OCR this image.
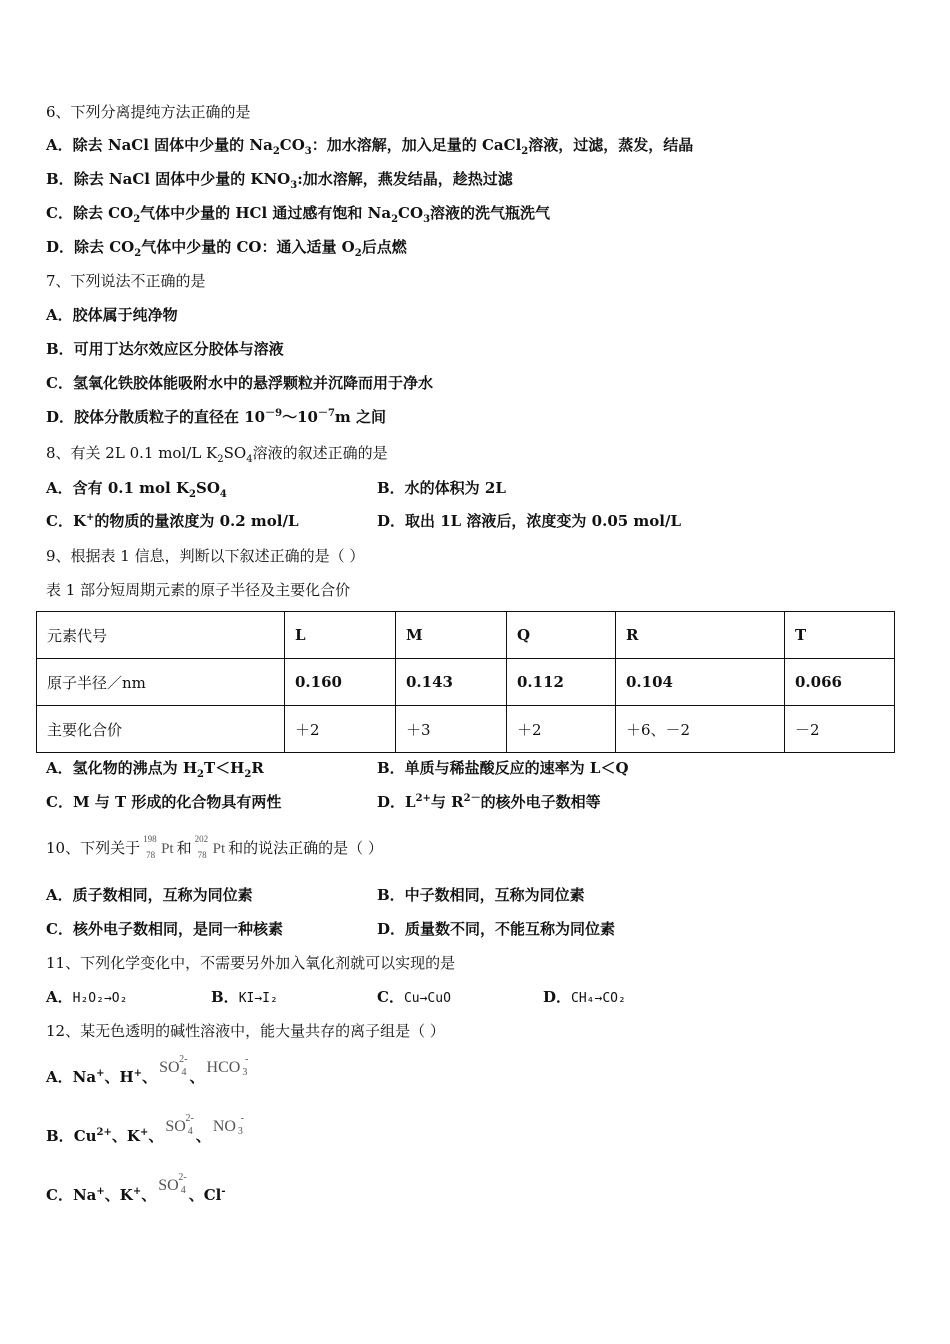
6、下列分离提纯方法正确的是
A．除去 NaCl 固体中少量的 $Na_2CO_3$：加水溶解，加入足量的 CaCl$_2$溶液，过滤，蒸发，结晶
B．除去 NaCl 固体中少量的 $KNO_3$:加水溶解，燕发结晶，趁热过滤
C．除去 $CO_2$气体中少量的 HCl 通过感有饱和 $Na_2CO_3$溶液的洗气瓶洗气
D．除去 $CO_2$气体中少量的 CO：通入适量 $O_2$后点燃
7、下列说法不正确的是
A．胶体属于纯净物
B．可用丁达尔效应区分胶体与溶液
C．氢氧化铁胶体能吸附水中的悬浮颗粒并沉降而用于净水
D．胶体分散质粒子的直径在 $10^{-9}\sim 10^{-7}m$ 之间
8、有关 2L 0.1 mol/L $K_2SO_4$溶液的叙述正确的是
A．含有 0.1 mol $K_2SO_4$	B．水的体积为 2L
C．K+的物质的量浓度为 0.2 mol/L	D．取出 1L 溶液后，浓度变为 0.05 mol/L
9、根据表 1 信息，判断以下叙述正确的是（ ）
表 1 部分短周期元素的原子半径及主要化合价
元素代号	L	M	Q	R	T
原子半径／nm	0.160	0.143	0.112	0.104	0.066
主要化合价	＋2	＋3	＋2	＋6、－2	－2
A．氢化物的沸点为 $H_2T<H_2R$	B．单质与稀盐酸反应的速率为 L＜Q
C．M 与 T 形成的化合物具有两性	D．$L^{2+}$与 $R^{2-}$的核外电子数相等
10、下列关于 198
78 Pt 和 202
78 Pt 和的说法正确的是（ ）
A．质子数相同，互称为同位素	B．中子数相同，互称为同位素
C．核外电子数相同，是同一种核素	D．质量数不同，不能互称为同位素
11、下列化学变化中，不需要另外加入氧化剂就可以实现的是
A．H₂O₂→O₂	B．KI→I₂	C．Cu→CuO	D．CH₄→CO₂
12、某无色透明的碱性溶液中，能大量共存的离子组是（ ）
A．Na+、H+、SO 2-
4 、HCO -
3
B．$Cu^{2+}$、K+、SO 2-
4 、NO -
3
C．Na+、K+、SO 2-
4 、Cl-
